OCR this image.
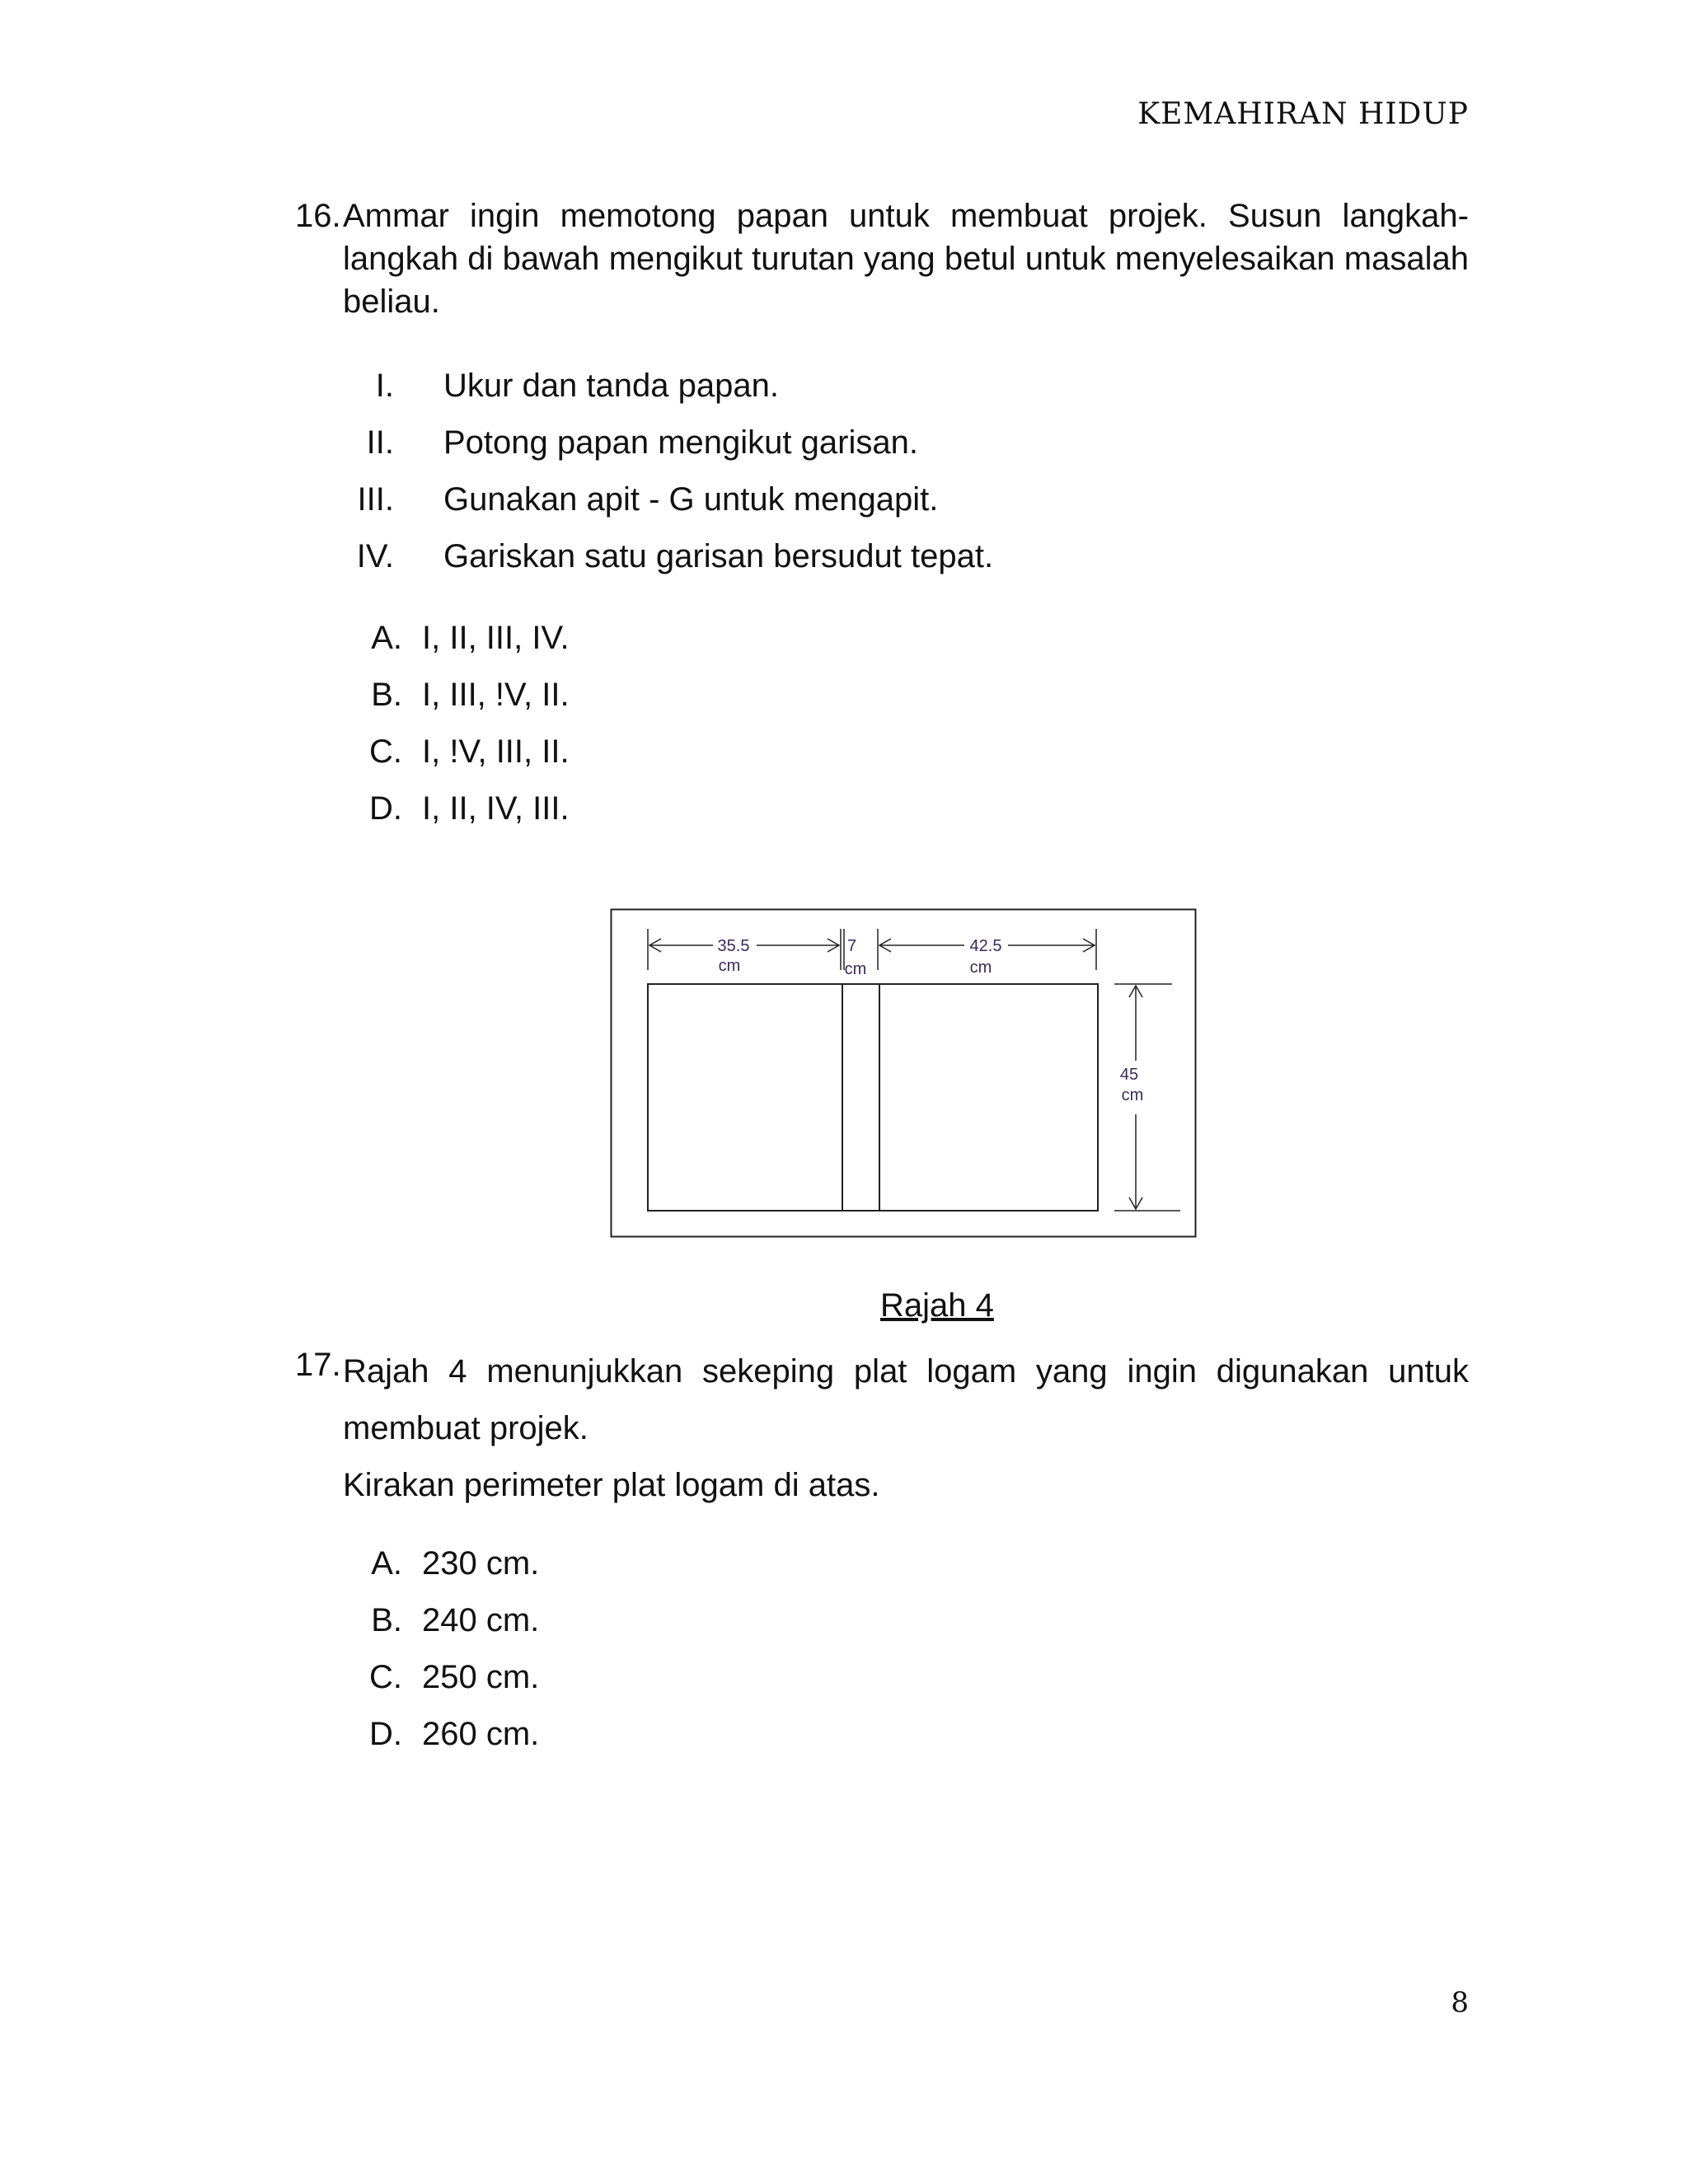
KEMAHIRAN HIDUP
16. Ammar ingin memotong papan untuk membuat projek. Susun langkah-langkah di bawah mengikut turutan yang betul untuk menyelesaikan masalah beliau.
I. Ukur dan tanda papan.
II. Potong papan mengikut garisan.
III. Gunakan apit - G untuk mengapit.
IV. Gariskan satu garisan bersudut tepat.
A. I, II, III, IV.
B. I, III, !V, II.
C. I, !V, III, II.
D. I, II, IV, III.
35.5
cm
7
cm
42.5
cm
45
cm
Rajah 4
17. Rajah 4 menunjukkan sekeping plat logam yang ingin digunakan untuk membuat projek.
Kirakan perimeter plat logam di atas.
A. 230 cm.
B. 240 cm.
C. 250 cm.
D. 260 cm.
8
